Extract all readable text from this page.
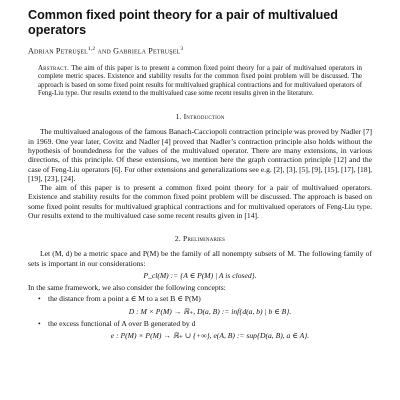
Common fixed point theory for a pair of multivalued
operators
Adrian Petruşel$^{1,2}$ and Gabriela Petruşel$^3$
Abstract. The aim of this paper is to present a common fixed point theory for a pair of multivalued operators in complete metric spaces. Existence and stability results for the common fixed point problem will be discussed. The approach is based on some fixed point results for multivalued graphical contractions and for multivalued operators of Feng-Liu type. Our results extend to the multivalued case some recent results given in the literature.
1. Introduction

The multivalued analogous of the famous Banach-Cacciopoli contraction principle was proved by Nadler [7] in 1969. One year later, Covitz and Nadler [4] proved that Nadler’s contraction principle also holds without the hypothesis of boundedness for the values of the multivalued operator. There are many extensions, in various directions, of this principle. Of these extensions, we mention here the graph contraction principle [12] and the case of Feng-Liu operators [6]. For other extensions and generalizations see e.g. [2], [3], [5], [9], [15], [17], [18], [19], [23], [24].

The aim of this paper is to present a common fixed point theory for a pair of multivalued operators. Existence and stability results for the common fixed point problem will be discussed. The approach is based on some fixed point results for multivalued graphical contractions and for multivalued operators of Feng-Liu type. Our results extend to the multivalued case some recent results given in [14].

2. Preliminaries

Let (M, d) be a metric space and P(M) be the family of all nonempty subsets of M. The following family of sets is important in our considerations:

P_cl(M) := {A ∈ P(M) | A is closed}.

In the same framework, we also consider the following concepts:

• the distance from a point a ∈ M to a set B ∈ P(M)
D : M × P(M) → ℝ₊, D(a, B) := inf{d(a, b) | b ∈ B}.
• the excess functional of A over B generated by d
e : P(M) × P(M) → ℝ₊ ∪ {+∞}, e(A, B) := sup{D(a, B), a ∈ A}.
